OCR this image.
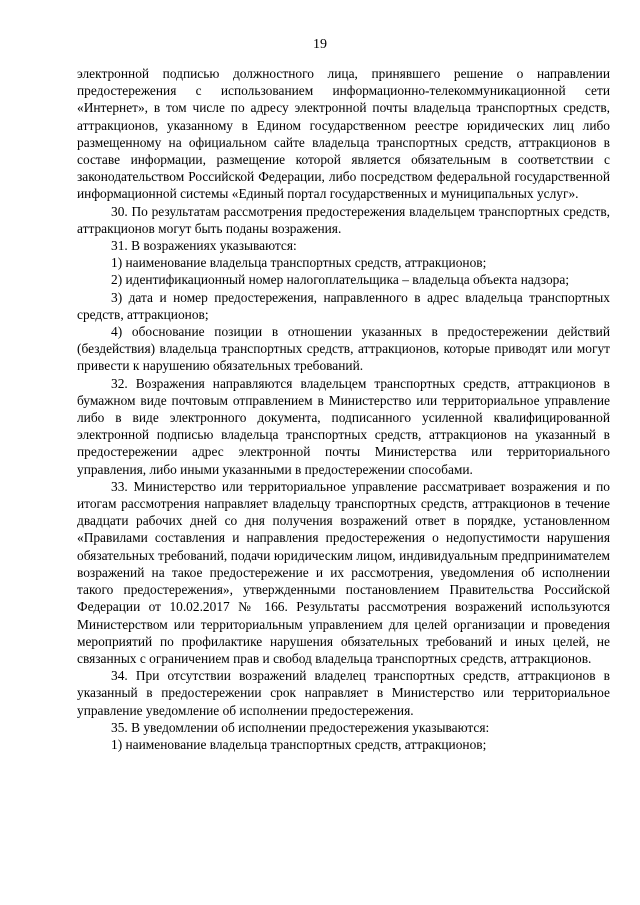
19

электронной подписью должностного лица, принявшего решение о направлении предостережения с использованием информационно-телекоммуникационной сети «Интернет», в том числе по адресу электронной почты владельца транспортных средств, аттракционов, указанному в Едином государственном реестре юридических лиц либо размещенному на официальном сайте владельца транспортных средств, аттракционов в составе информации, размещение которой является обязательным в соответствии с законодательством Российской Федерации, либо посредством федеральной государственной информационной системы «Единый портал государственных и муниципальных услуг».

30. По результатам рассмотрения предостережения владельцем транспортных средств, аттракционов могут быть поданы возражения.

31. В возражениях указываются:

1) наименование владельца транспортных средств, аттракционов;

2) идентификационный номер налогоплательщика – владельца объекта надзора;

3) дата и номер предостережения, направленного в адрес владельца транспортных средств, аттракционов;

4) обоснование позиции в отношении указанных в предостережении действий (бездействия) владельца транспортных средств, аттракционов, которые приводят или могут привести к нарушению обязательных требований.

32. Возражения направляются владельцем транспортных средств, аттракционов в бумажном виде почтовым отправлением в Министерство или территориальное управление либо в виде электронного документа, подписанного усиленной квалифицированной электронной подписью владельца транспортных средств, аттракционов на указанный в предостережении адрес электронной почты Министерства или территориального управления, либо иными указанными в предостережении способами.

33. Министерство или территориальное управление рассматривает возражения и по итогам рассмотрения направляет владельцу транспортных средств, аттракционов в течение двадцати рабочих дней со дня получения возражений ответ в порядке, установленном «Правилами составления и направления предостережения о недопустимости нарушения обязательных требований, подачи юридическим лицом, индивидуальным предпринимателем возражений на такое предостережение и их рассмотрения, уведомления об исполнении такого предостережения», утвержденными постановлением Правительства Российской Федерации от 10.02.2017 № 166. Результаты рассмотрения возражений используются Министерством или территориальным управлением для целей организации и проведения мероприятий по профилактике нарушения обязательных требований и иных целей, не связанных с ограничением прав и свобод владельца транспортных средств, аттракционов.

34. При отсутствии возражений владелец транспортных средств, аттракционов в указанный в предостережении срок направляет в Министерство или территориальное управление уведомление об исполнении предостережения.

35. В уведомлении об исполнении предостережения указываются:

1) наименование владельца транспортных средств, аттракционов;
